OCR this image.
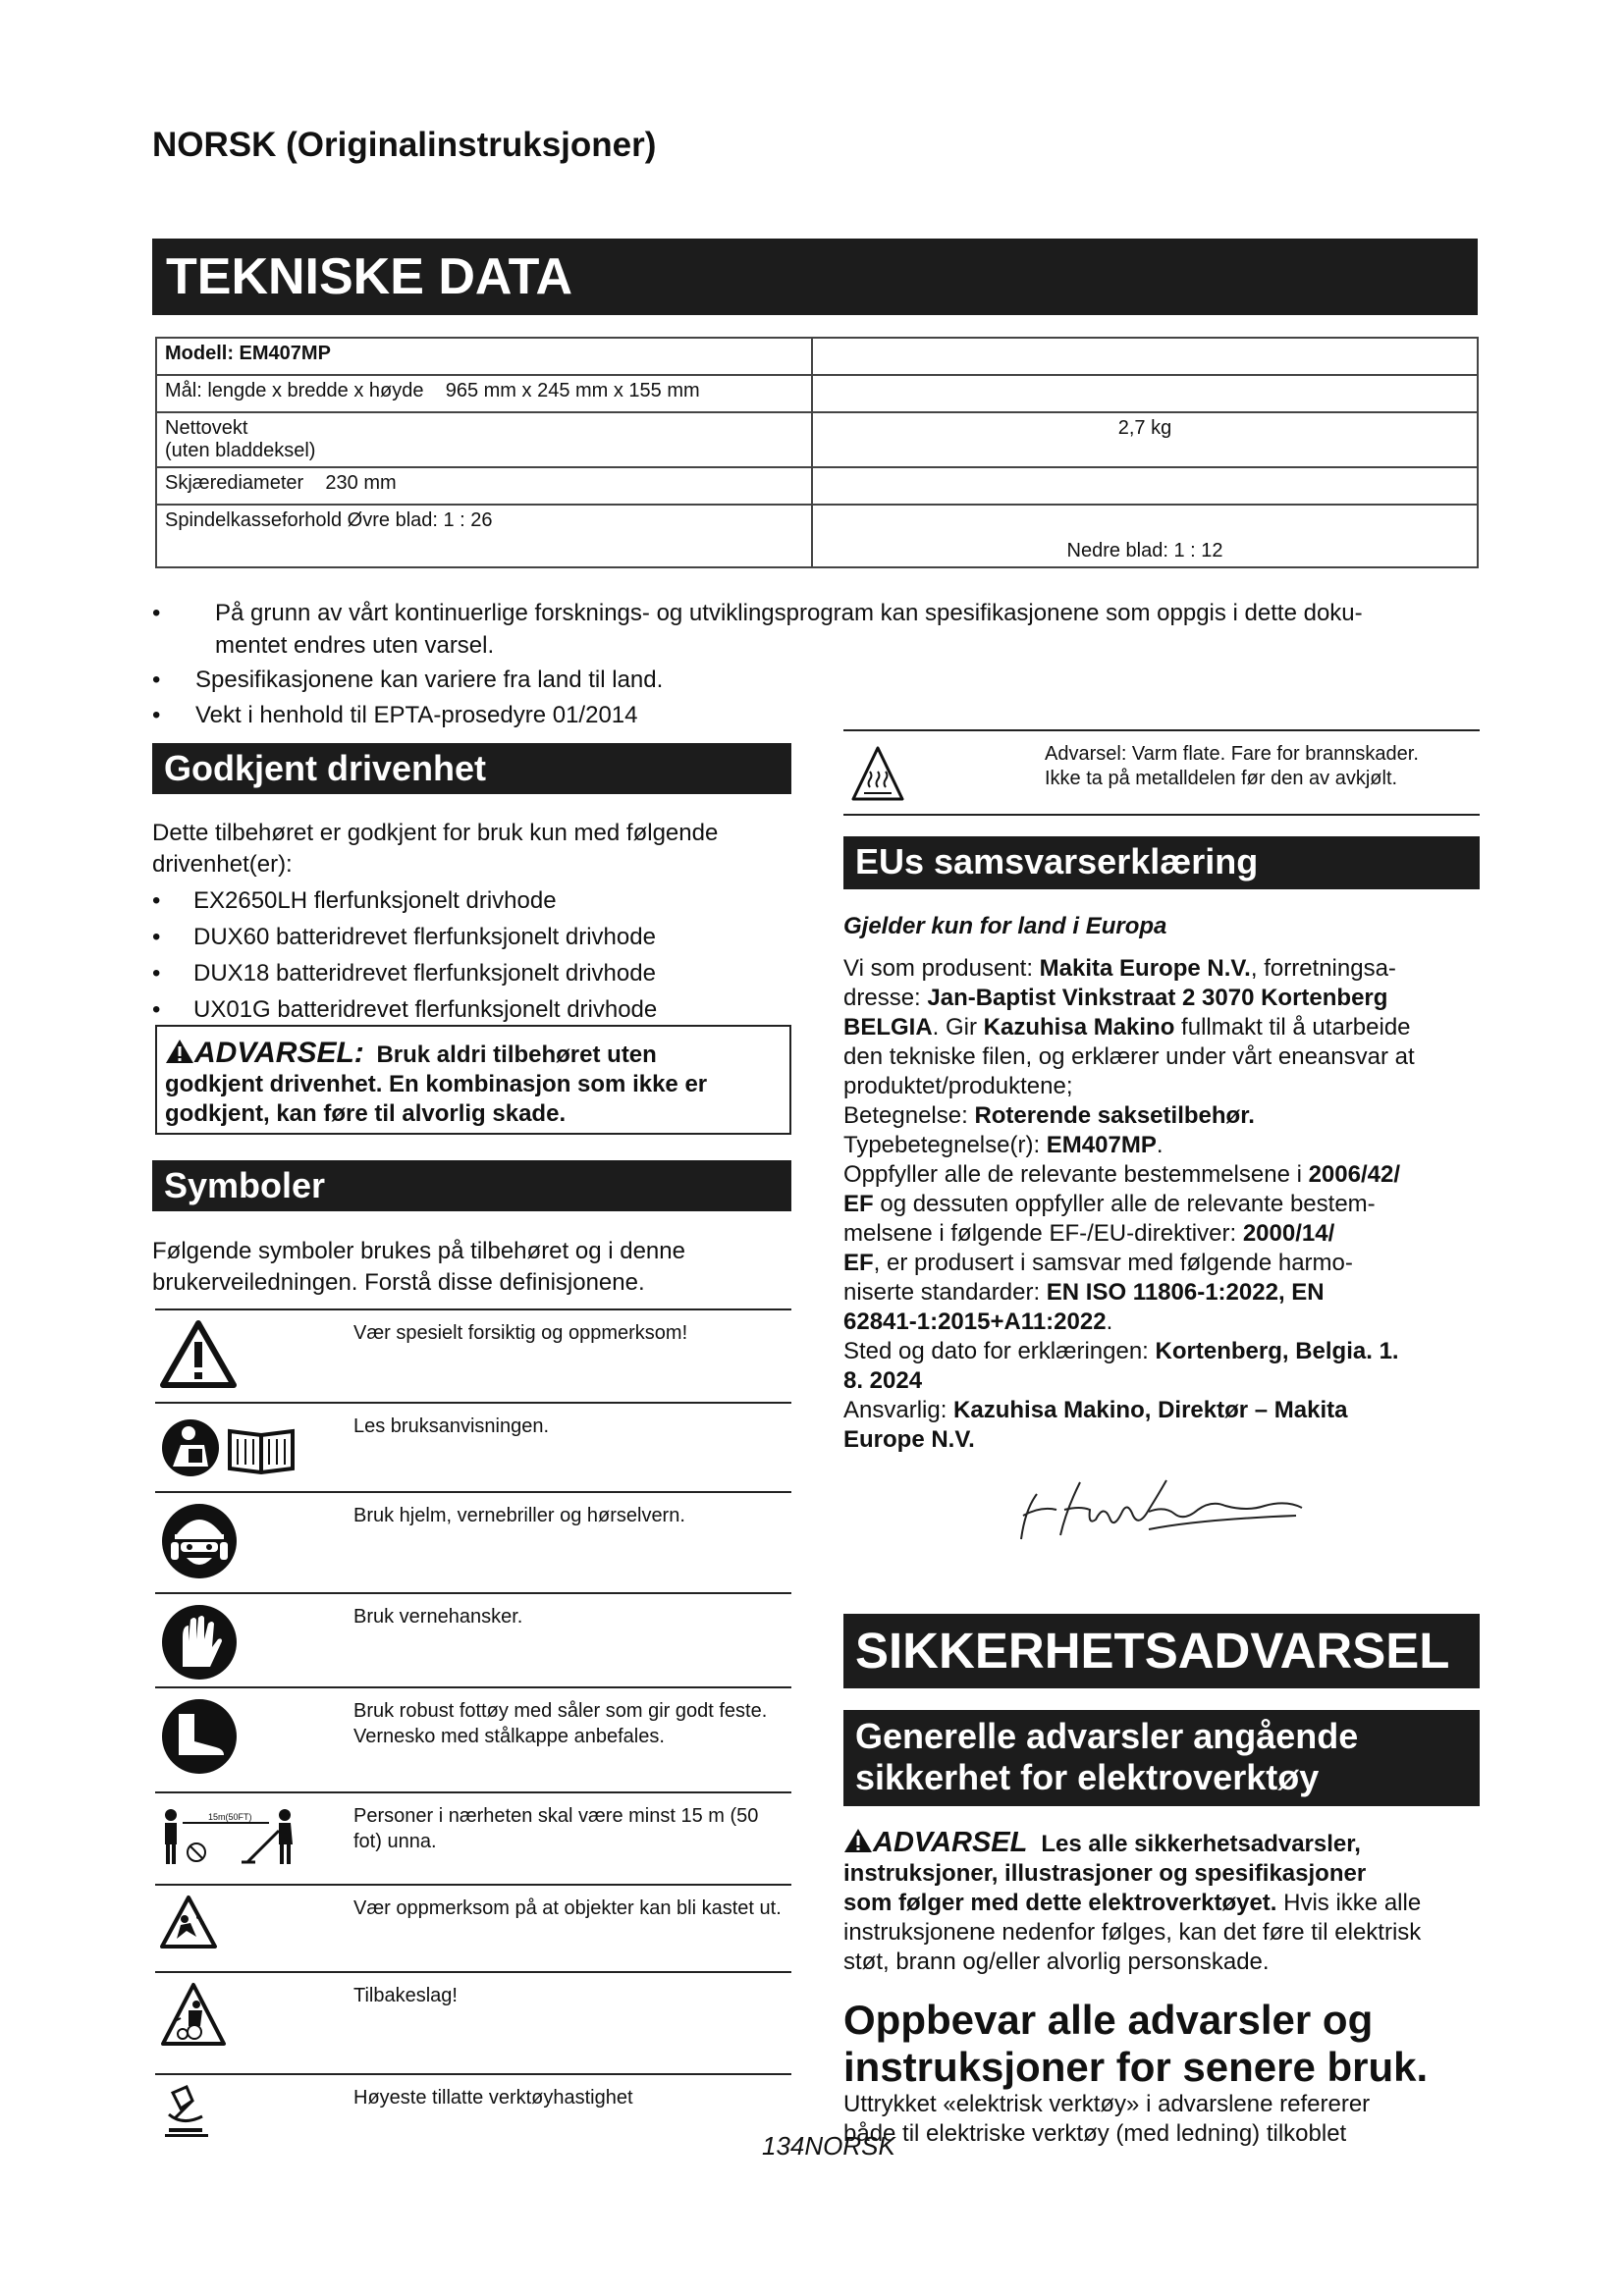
NORSK (Originalinstruksjoner)
TEKNISKE DATA
Modell: EM407MP	
Mål: lengde x bredde x høyde    965 mm x 245 mm x 155 mm	

Nettovekt
(uten bladdeksel)	2,7 kg
Skjærediameter    230 mm	
Spindelkasseforhold Øvre blad: 1 : 26	Nedre blad: 1 : 12
• På grunn av vårt kontinuerlige forsknings- og utviklingsprogram kan spesifikasjonene som oppgis i dette doku-
mentet endres uten varsel.
• Spesifikasjonene kan variere fra land til land.
• Vekt i henhold til EPTA-prosedyre 01/2014
Godkjent drivenhet
Dette tilbehøret er godkjent for bruk kun med følgende
drivenhet(er):
• EX2650LH flerfunksjonelt drivhode
• DUX60 batteridrevet flerfunksjonelt drivhode
• DUX18 batteridrevet flerfunksjonelt drivhode
• UX01G batteridrevet flerfunksjonelt drivhode
ADVARSEL: Bruk aldri tilbehøret uten
godkjent drivenhet. En kombinasjon som ikke er
godkjent, kan føre til alvorlig skade.
Symboler
Følgende symboler brukes på tilbehøret og i denne
brukerveiledningen. Forstå disse definisjonene.
Vær spesielt forsiktig og oppmerksom!
Les bruksanvisningen.
Bruk hjelm, vernebriller og hørselvern.
Bruk vernehansker.
Bruk robust fottøy med såler som gir godt feste. Vernesko med stålkappe anbefales.
15m(50FT)	Personer i nærheten skal være minst 15 m (50 fot) unna.
Vær oppmerksom på at objekter kan bli kastet ut.
Tilbakeslag!
Høyeste tillatte verktøyhastighet
Advarsel: Varm flate. Fare for brannskader.
Ikke ta på metalldelen før den av avkjølt.
EUs samsvarserklæring
Gjelder kun for land i Europa
Vi som produsent: Makita Europe N.V., forretningsa-
dresse: Jan-Baptist Vinkstraat 2 3070 Kortenberg
BELGIA. Gir Kazuhisa Makino fullmakt til å utarbeide
den tekniske filen, og erklærer under vårt eneansvar at
produktet/produktene;
Betegnelse: Roterende saksetilbehør.
Typebetegnelse(r): EM407MP.
Oppfyller alle de relevante bestemmelsene i 2006/42/
EF og dessuten oppfyller alle de relevante bestem-
melsene i følgende EF-/EU-direktiver: 2000/14/
EF, er produsert i samsvar med følgende harmo-
niserte standarder: EN ISO 11806-1:2022, EN
62841-1:2015+A11:2022.
Sted og dato for erklæringen: Kortenberg, Belgia. 1.
8. 2024
Ansvarlig: Kazuhisa Makino, Direktør – Makita
Europe N.V.
SIKKERHETSADVARSEL
Generelle advarsler angående
sikkerhet for elektroverktøy
ADVARSEL Les alle sikkerhetsadvarsler,
instruksjoner, illustrasjoner og spesifikasjoner
som følger med dette elektroverktøyet. Hvis ikke alle
instruksjonene nedenfor følges, kan det føre til elektrisk
støt, brann og/eller alvorlig personskade.
Oppbevar alle advarsler og
instruksjoner for senere bruk.
Uttrykket «elektrisk verktøy» i advarslene refererer
både til elektriske verktøy (med ledning) tilkoblet
134NORSK
